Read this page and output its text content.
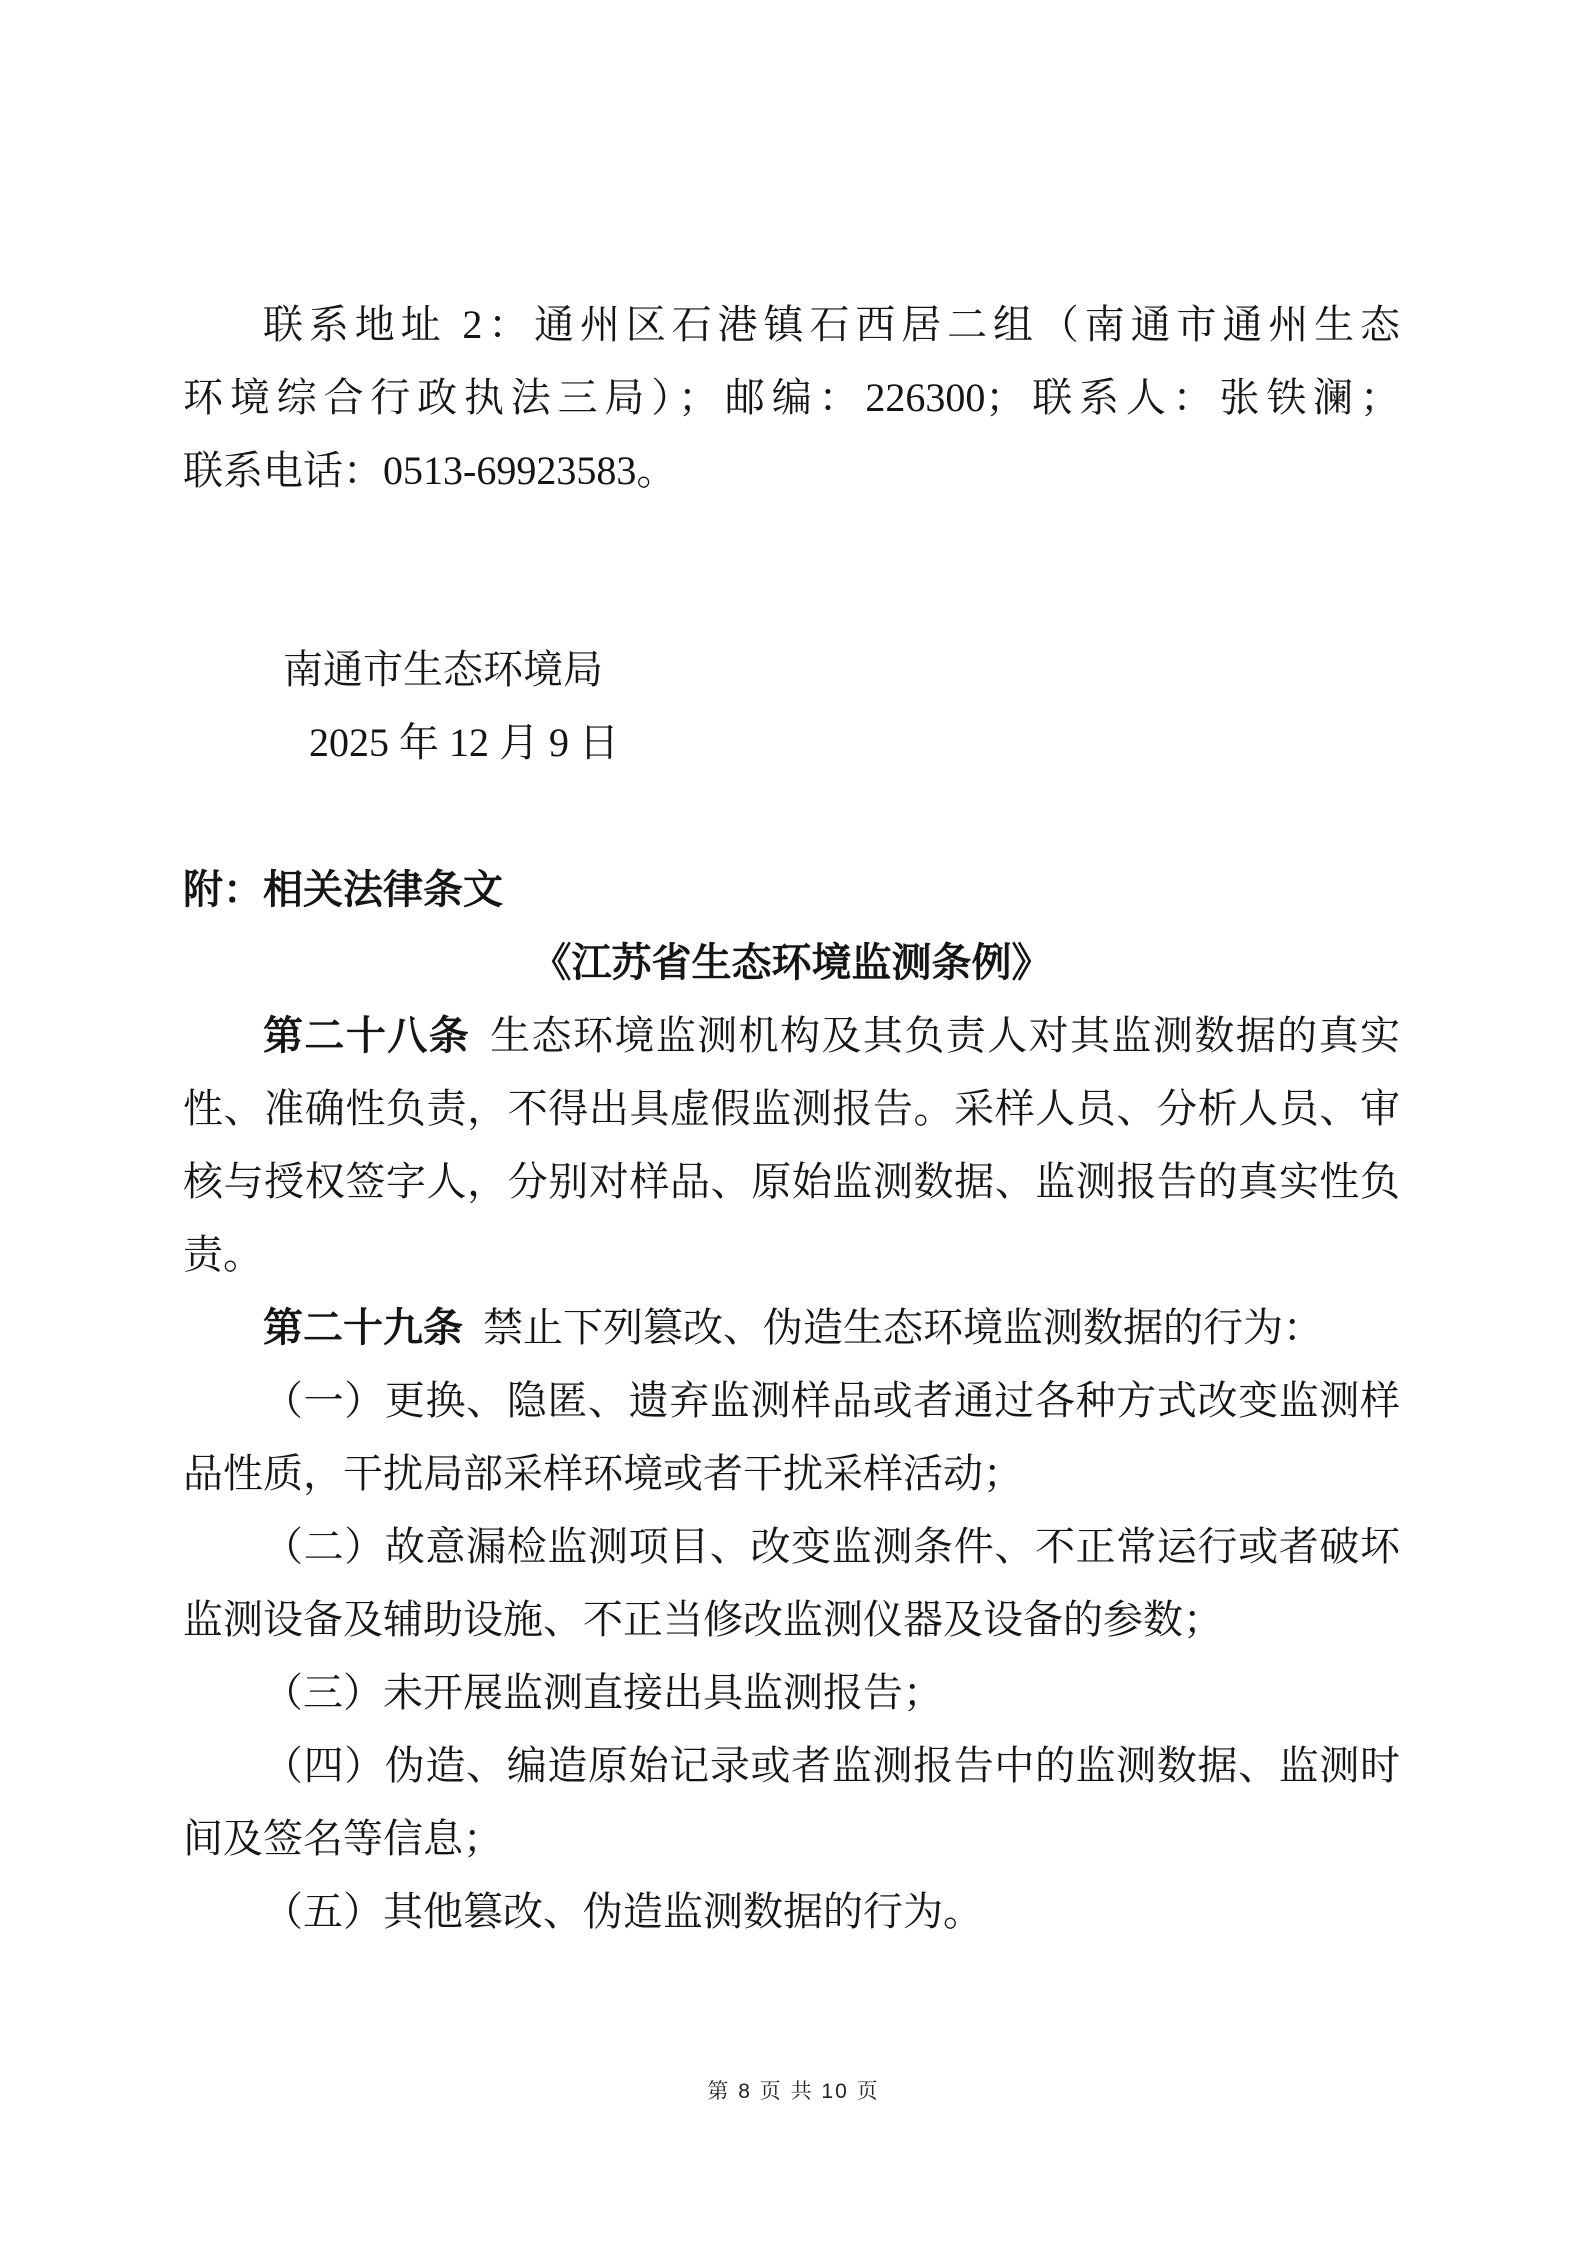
联系地址 2：通州区石港镇石西居二组（南通市通州生态
环境综合行政执法三局）；邮编：226300；联系人：张铁澜；
联系电话：0513-69923583。
南通市生态环境局
2025 年 12 月 9 日
附：相关法律条文
《江苏省生态环境监测条例》
第二十八条 生态环境监测机构及其负责人对其监测数据的真实
性、准确性负责，不得出具虚假监测报告。采样人员、分析人员、审
核与授权签字人，分别对样品、原始监测数据、监测报告的真实性负
责。
第二十九条 禁止下列篡改、伪造生态环境监测数据的行为：
（一）更换、隐匿、遗弃监测样品或者通过各种方式改变监测样
品性质，干扰局部采样环境或者干扰采样活动；
（二）故意漏检监测项目、改变监测条件、不正常运行或者破坏
监测设备及辅助设施、不正当修改监测仪器及设备的参数；
（三）未开展监测直接出具监测报告；
（四）伪造、编造原始记录或者监测报告中的监测数据、监测时
间及签名等信息；
（五）其他篡改、伪造监测数据的行为。
第 8 页 共 10 页
